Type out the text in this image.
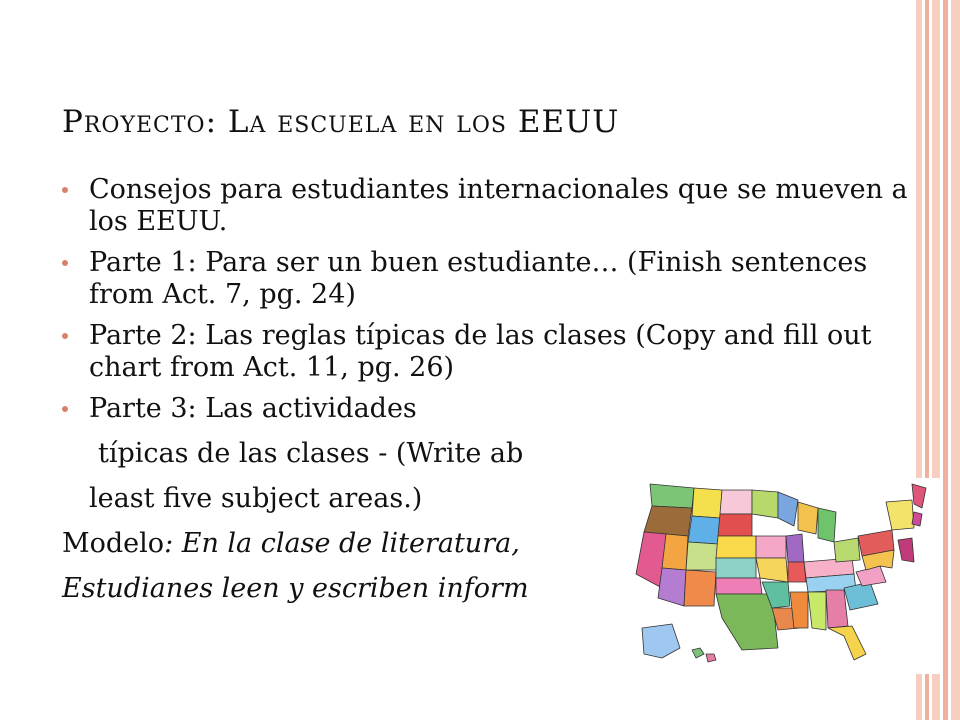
Proyecto: La escuela en los EEUU
Consejos para estudiantes internacionales que se mueven a los EEUU.
Parte 1: Para ser un buen estudiante… (Finish sentences from Act. 7, pg. 24)
Parte 2: Las reglas típicas de las clases (Copy and fill out chart from Act. 11, pg. 26)
Parte 3: Las actividades
típicas de las clases - (Write ab
least five subject areas.)
Modelo: En la clase de literatura,
Estudianes leen y escriben inform
